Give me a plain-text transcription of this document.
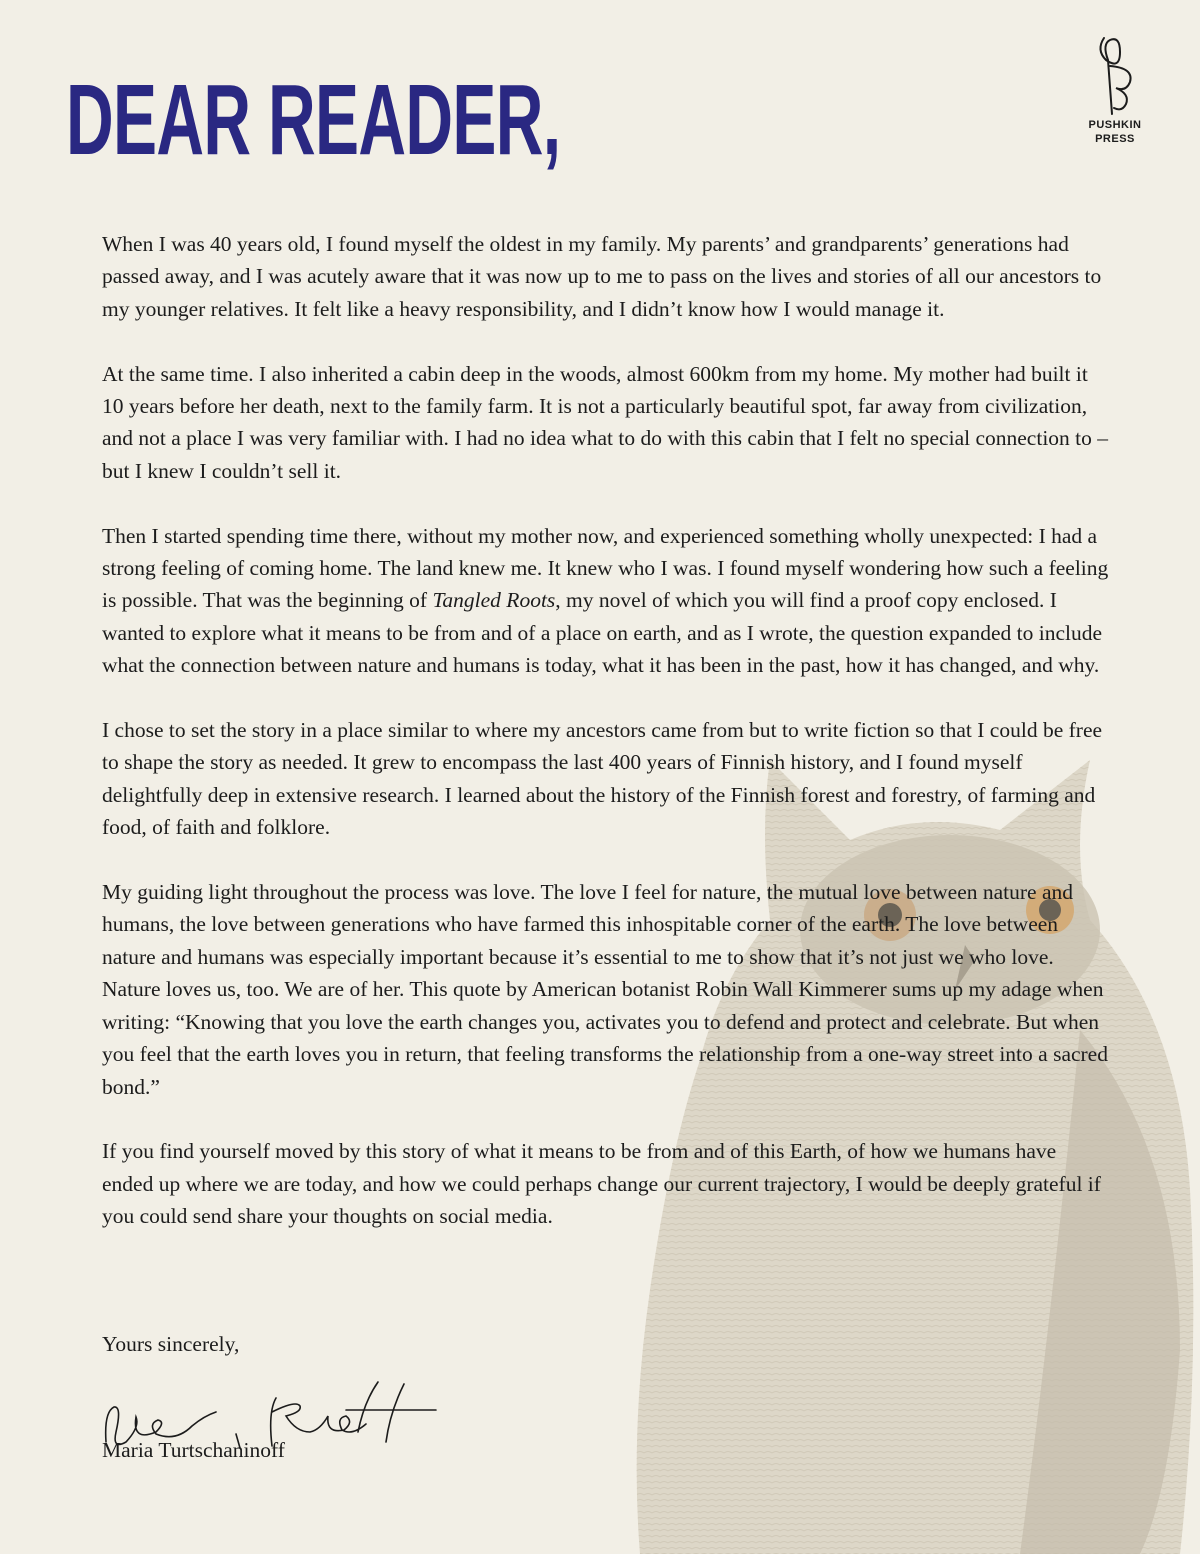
PUSHKIN
PRESS
DEAR READER,

When I was 40 years old, I found myself the oldest in my family. My parents’ and grandparents’ generations had passed away, and I was acutely aware that it was now up to me to pass on the lives and stories of all our ancestors to my younger relatives. It felt like a heavy responsibility, and I didn’t know how I would manage it.

At the same time. I also inherited a cabin deep in the woods, almost 600km from my home. My mother had built it 10 years before her death, next to the family farm. It is not a particularly beautiful spot, far away from civilization, and not a place I was very familiar with. I had no idea what to do with this cabin that I felt no special connection to – but I knew I couldn’t sell it.

Then I started spending time there, without my mother now, and experienced something wholly unexpected: I had a strong feeling of coming home. The land knew me. It knew who I was. I found myself wondering how such a feeling is possible. That was the beginning of Tangled Roots, my novel of which you will find a proof copy enclosed. I wanted to explore what it means to be from and of a place on earth, and as I wrote, the question expanded to include what the connection between nature and humans is today, what it has been in the past, how it has changed, and why.

I chose to set the story in a place similar to where my ancestors came from but to write fiction so that I could be free to shape the story as needed. It grew to encompass the last 400 years of Finnish history, and I found myself delightfully deep in extensive research. I learned about the history of the Finnish forest and forestry, of farming and food, of faith and folklore.

My guiding light throughout the process was love. The love I feel for nature, the mutual love between nature and humans, the love between generations who have farmed this inhospitable corner of the earth. The love between nature and humans was especially important because it’s essential to me to show that it’s not just we who love. Nature loves us, too. We are of her. This quote by American botanist Robin Wall Kimmerer sums up my adage when writing: “Knowing that you love the earth changes you, activates you to defend and protect and celebrate. But when you feel that the earth loves you in return, that feeling transforms the relationship from a one-way street into a sacred bond.”

If you find yourself moved by this story of what it means to be from and of this Earth, of how we humans have ended up where we are today, and how we could perhaps change our current trajectory, I would be deeply grateful if you could send share your thoughts on social media.

Yours sincerely,
Maria Turtschaninoff
